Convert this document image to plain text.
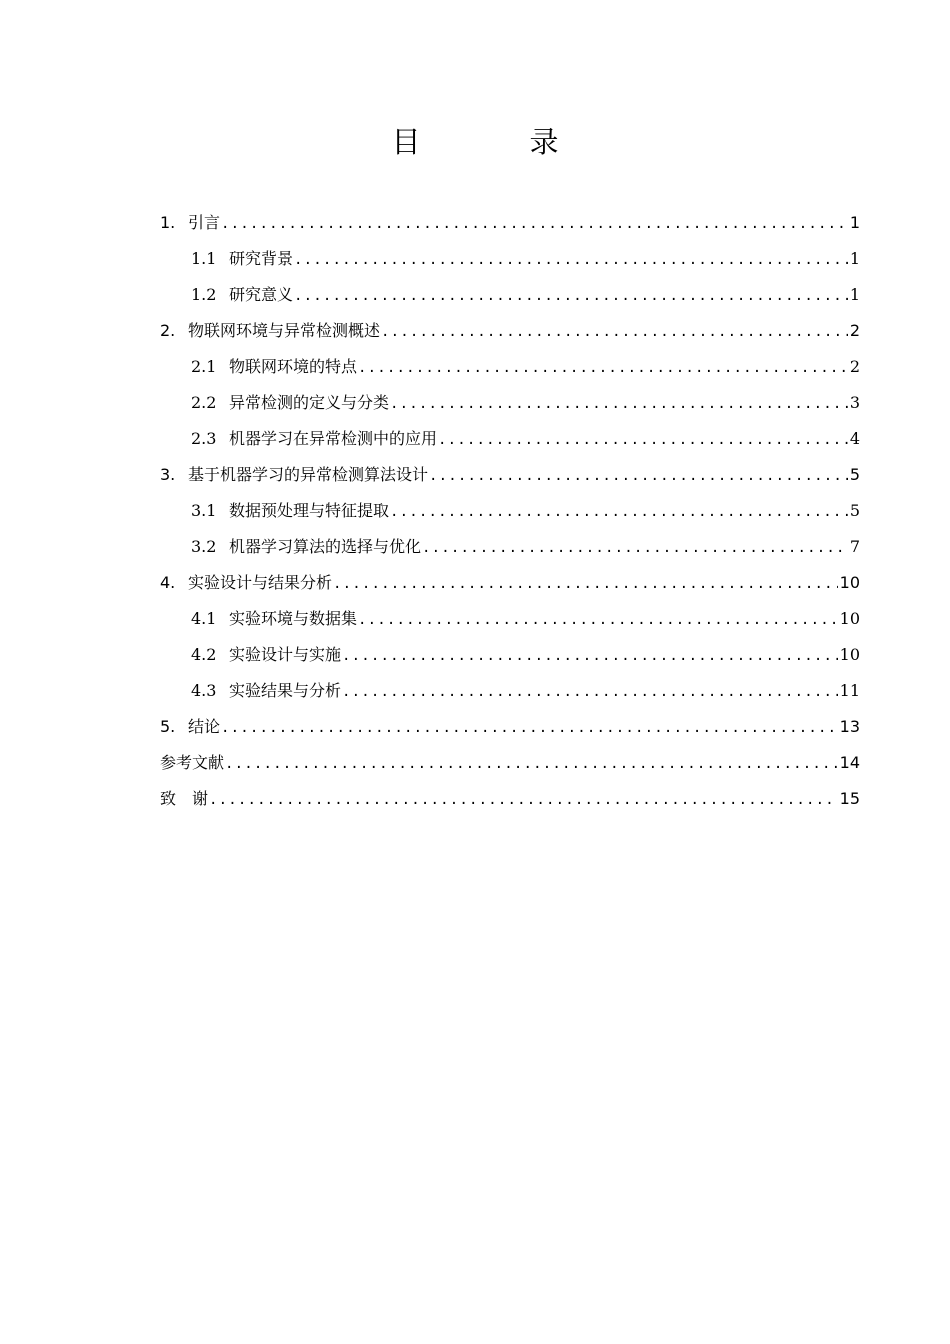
目　录
1. 引言 .....	1
1.1 研究背景 .....	1
1.2 研究意义 .....	1
2. 物联网环境与异常检测概述 .....	2
2.1 物联网环境的特点 .....	2
2.2 异常检测的定义与分类 .....	3
2.3 机器学习在异常检测中的应用 .....	4
3. 基于机器学习的异常检测算法设计 .....	5
3.1 数据预处理与特征提取 .....	5
3.2 机器学习算法的选择与优化 .....	7
4. 实验设计与结果分析 .....	10
4.1 实验环境与数据集 .....	10
4.2 实验设计与实施 .....	10
4.3 实验结果与分析 .....	11
5. 结论 .....	13
参考文献 .....	14
致　谢 .....	15
